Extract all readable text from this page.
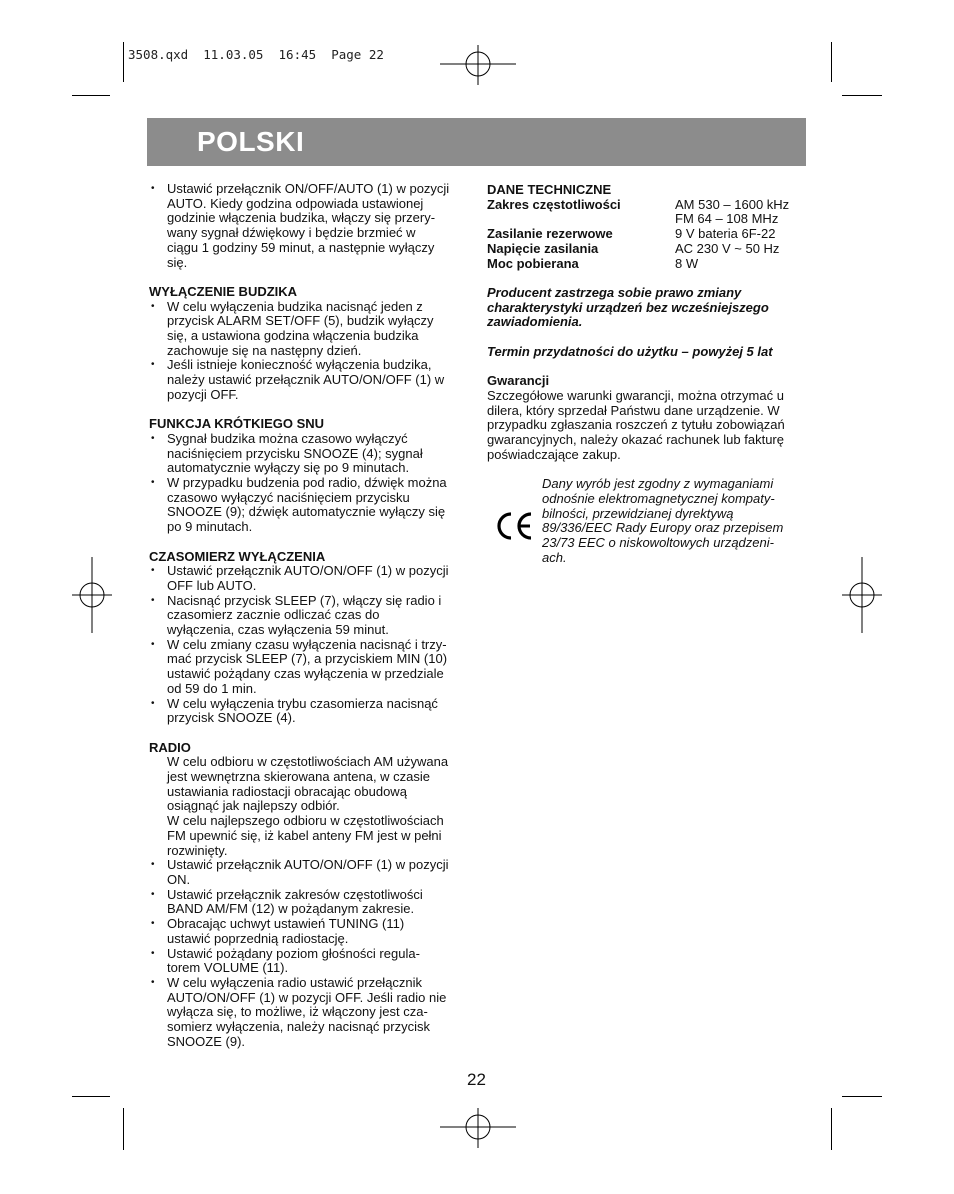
3508.qxd  11.03.05  16:45  Page 22
POLSKI
• Ustawić przełącznik ON/OFF/AUTO (1) w pozycji
AUTO. Kiedy godzina odpowiada ustawionej
godzinie włączenia budzika, włączy się przery-
wany sygnał dźwiękowy i będzie brzmieć w
ciągu 1 godziny 59 minut, a następnie wyłączy
się.
WYŁĄCZENIE BUDZIKA
• W celu wyłączenia budzika nacisnąć jeden z
przycisk ALARM SET/OFF (5), budzik wyłączy
się, a ustawiona godzina włączenia budzika
zachowuje się na następny dzień.
• Jeśli istnieje konieczność wyłączenia budzika,
należy ustawić przełącznik AUTO/ON/OFF (1) w
pozycji OFF.
FUNKCJA KRÓTKIEGO SNU
• Sygnał budzika można czasowo wyłączyć
naciśnięciem przycisku SNOOZE (4); sygnał
automatycznie wyłączy się po 9 minutach.
• W przypadku budzenia pod radio, dźwięk można
czasowo wyłączyć naciśnięciem przycisku
SNOOZE (9); dźwięk automatycznie wyłączy się
po 9 minutach.
CZASOMIERZ WYŁĄCZENIA
• Ustawić przełącznik AUTO/ON/OFF (1) w pozycji
OFF lub AUTO.
• Nacisnąć przycisk SLEEP (7), włączy się radio i
czasomierz zacznie odliczać czas do
wyłączenia, czas wyłączenia 59 minut.
• W celu zmiany czasu wyłączenia nacisnąć i trzy-
mać przycisk SLEEP (7), a przyciskiem MIN (10)
ustawić pożądany czas wyłączenia w przedziale
od 59 do 1 min.
• W celu wyłączenia trybu czasomierza nacisnąć
przycisk SNOOZE (4).
RADIO
W celu odbioru w częstotliwościach AM używana
jest wewnętrzna skierowana antena, w czasie
ustawiania radiostacji obracając obudową
osiągnąć jak najlepszy odbiór.
W celu najlepszego odbioru w częstotliwościach
FM upewnić się, iż kabel anteny FM jest w pełni
rozwinięty.
• Ustawić przełącznik AUTO/ON/OFF (1) w pozycji
ON.
• Ustawić przełącznik zakresów częstotliwości
BAND AM/FM (12) w pożądanym zakresie.
• Obracając uchwyt ustawień TUNING (11)
ustawić poprzednią radiostację.
• Ustawić pożądany poziom głośności regula-
torem VOLUME (11).
• W celu wyłączenia radio ustawić przełącznik
AUTO/ON/OFF (1) w pozycji OFF. Jeśli radio nie
wyłącza się, to możliwe, iż włączony jest cza-
somierz wyłączenia, należy nacisnąć przycisk
SNOOZE (9).
DANE TECHNICZNE
Zakres częstotliwości	AM 530 – 1600 kHz
FM 64 – 108 MHz
Zasilanie rezerwowe	9 V bateria 6F-22
Napięcie zasilania	AC 230 V ~ 50 Hz
Moc pobierana	8 W
Producent zastrzega sobie prawo zmiany
charakterystyki urządzeń bez wcześniejszego
zawiadomienia.
Termin przydatności do użytku – powyżej 5 lat
Gwarancji
Szczegółowe warunki gwarancji, można otrzymać u
dilera, który sprzedał Państwu dane urządzenie. W
przypadku zgłaszania roszczeń z tytułu zobowiązań
gwarancyjnych, należy okazać rachunek lub fakturę
poświadczające zakup.
Dany wyrób jest zgodny z wymaganiami
odnośnie elektromagnetycznej kompaty-
bilności, przewidzianej dyrektywą
89/336/EEC Rady Europy oraz przepisem
23/73 EEC o niskowoltowych urządzeni-
ach.
22
